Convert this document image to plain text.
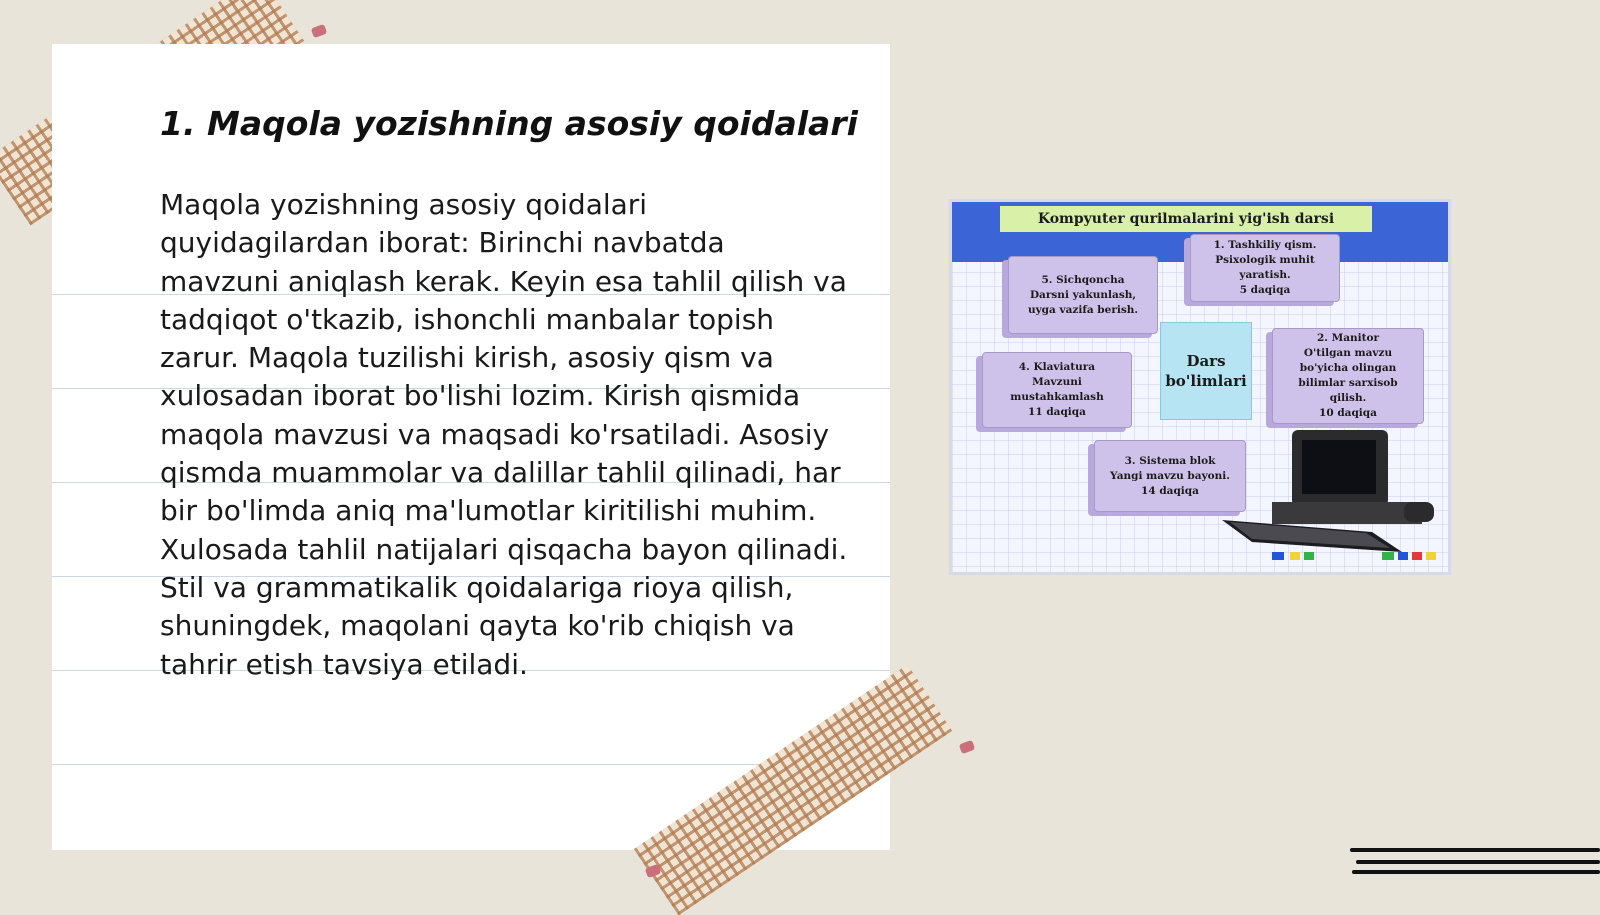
1. Maqola yozishning asosiy qoidalari

Maqola yozishning asosiy qoidalari quyidagilardan iborat: Birinchi navbatda mavzuni aniqlash kerak. Keyin esa tahlil qilish va tadqiqot o'tkazib, ishonchli manbalar topish zarur. Maqola tuzilishi kirish, asosiy qism va xulosadan iborat bo'lishi lozim. Kirish qismida maqola mavzusi va maqsadi ko'rsatiladi. Asosiy qismda muammolar va dalillar tahlil qilinadi, har bir bo'limda aniq ma'lumotlar kiritilishi muhim. Xulosada tahlil natijalari qisqacha bayon qilinadi. Stil va grammatikalik qoidalariga rioya qilish, shuningdek, maqolani qayta ko'rib chiqish va tahrir etish tavsiya etiladi.

Kompyuter qurilmalarini yig'ish darsi
5. Sichqoncha
Darsni yakunlash,
uyga vazifa berish.
1. Tashkiliy qism.
Psixologik muhit
yaratish.
5 daqiqa
4. Klaviatura
Mavzuni
mustahkamlash
11 daqiqa
Dars
bo'limlari
2. Manitor
O'tilgan mavzu
bo'yicha olingan
bilimlar sarxisob
qilish.
10 daqiqa
3. Sistema blok
Yangi mavzu bayoni.
14 daqiqa
